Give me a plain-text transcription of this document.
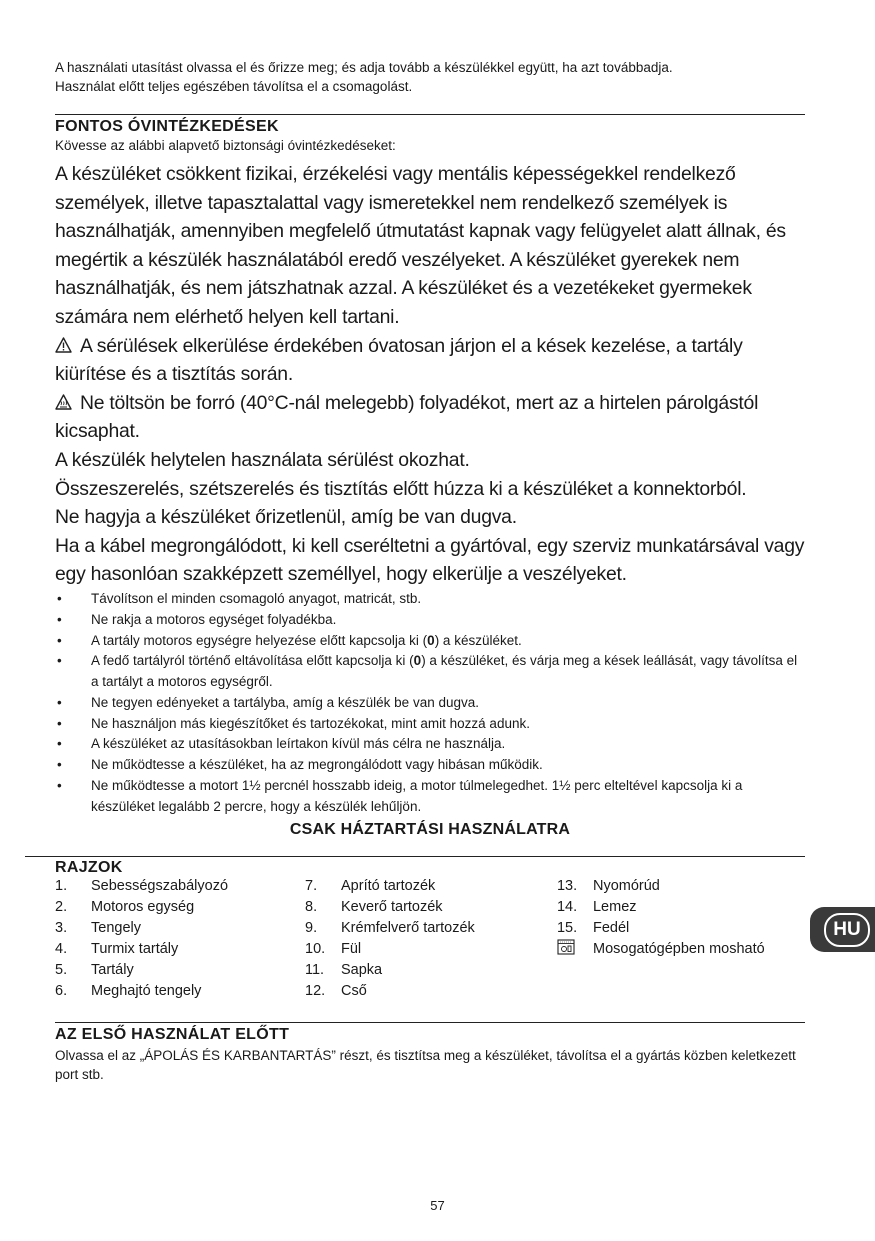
A használati utasítást olvassa el és őrizze meg; és adja tovább a készülékkel együtt, ha azt továbbadja.

Használat előtt teljes egészében távolítsa el a csomagolást.

FONTOS ÓVINTÉZKEDÉSEK

Kövesse az alábbi alapvető biztonsági óvintézkedéseket:

A készüléket csökkent fizikai, érzékelési vagy mentális képességekkel rendelkező személyek, illetve tapasztalattal vagy ismeretekkel nem rendelkező személyek is használhatják, amennyiben megfelelő útmutatást kapnak vagy felügyelet alatt állnak, és megértik a készülék használatából eredő veszélyeket. A készüléket gyerekek nem használhatják, és nem játszhatnak azzal. A készüléket és a vezetékeket gyermekek számára nem elérhető helyen kell tartani.

A sérülések elkerülése érdekében óvatosan járjon el a kések kezelése, a tartály kiürítése és a tisztítás során.

Ne töltsön be forró (40°C-nál melegebb) folyadékot, mert az a hirtelen párolgástól kicsaphat.

A készülék helytelen használata sérülést okozhat.

Összeszerelés, szétszerelés és tisztítás előtt húzza ki a készüléket a konnektorból.

Ne hagyja a készüléket őrizetlenül, amíg be van dugva.

Ha a kábel megrongálódott, ki kell cseréltetni a gyártóval, egy szerviz munkatársával vagy egy hasonlóan szakképzett személlyel, hogy elkerülje a veszélyeket.

• Távolítson el minden csomagoló anyagot, matricát, stb.
• Ne rakja a motoros egységet folyadékba.
• A tartály motoros egységre helyezése előtt kapcsolja ki (0) a készüléket.
• A fedő tartályról történő eltávolítása előtt kapcsolja ki (0) a készüléket, és várja meg a kések leállását, vagy távolítsa el a tartályt a motoros egységről.
• Ne tegyen edényeket a tartályba, amíg a készülék be van dugva.
• Ne használjon más kiegészítőket és tartozékokat, mint amit hozzá adunk.
• A készüléket az utasításokban leírtakon kívül más célra ne használja.
• Ne működtesse a készüléket, ha az megrongálódott vagy hibásan működik.
• Ne működtesse a motort 1½ percnél hosszabb ideig, a motor túlmelegedhet. 1½ perc elteltével kapcsolja ki a készüléket legalább 2 percre, hogy a készülék lehűljön.

CSAK HÁZTARTÁSI HASZNÁLATRA

RAJZOK

1.	Sebességszabályozó
2.	Motoros egység
3.	Tengely
4.	Turmix tartály
5.	Tartály
6.	Meghajtó tengely
7.	Aprító tartozék
8.	Keverő tartozék
9.	Krémfelverő tartozék
10.	Fül
11.	Sapka
12.	Cső
13.	Nyomórúd
14.	Lemez
15.	Fedél
Mosogatógépben mosható

AZ ELSŐ HASZNÁLAT ELŐTT

Olvassa el az „ÁPOLÁS ÉS KARBANTARTÁS” részt, és tisztítsa meg a készüléket, távolítsa el a gyártás közben keletkezett port stb.

HU
57
